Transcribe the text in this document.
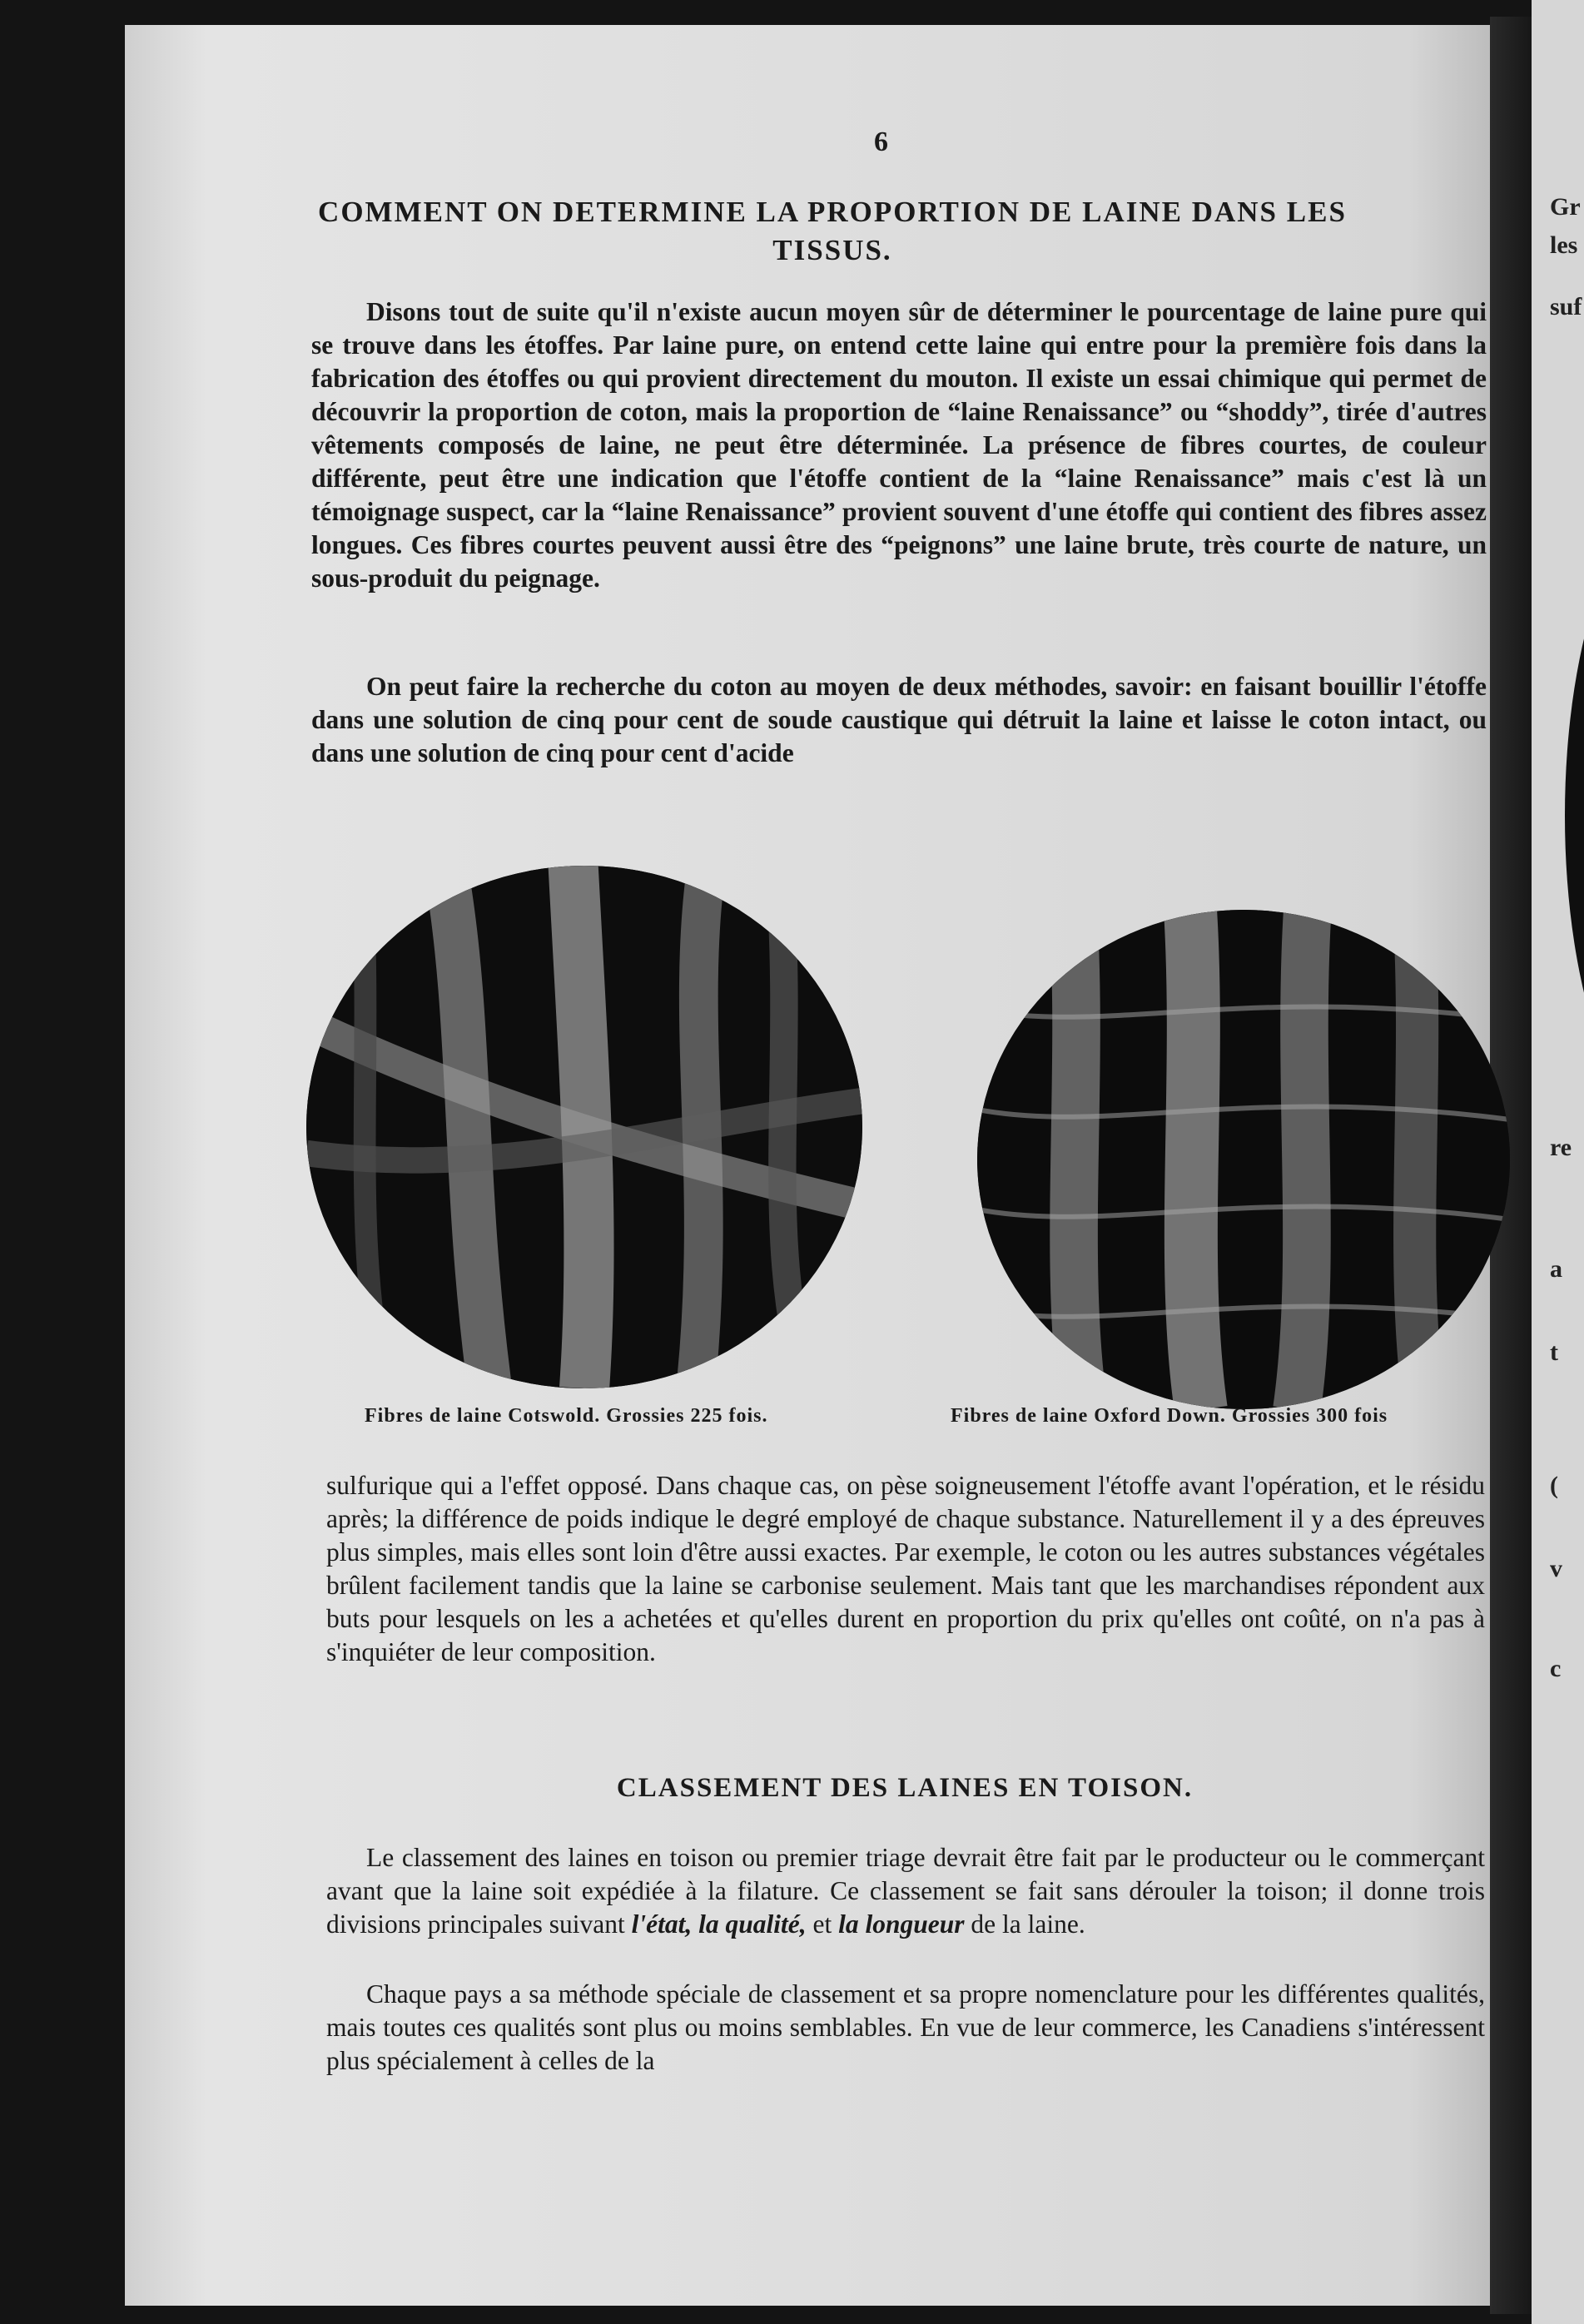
Gr
les
suf
re
a
t
(
v
c
6
COMMENT ON DETERMINE LA PROPORTION DE LAINE DANS LES TISSUS.

Disons tout de suite qu'il n'existe aucun moyen sûr de déterminer le pourcentage de laine pure qui se trouve dans les étoffes. Par laine pure, on entend cette laine qui entre pour la première fois dans la fabrication des étoffes ou qui provient directement du mouton. Il existe un essai chimique qui permet de découvrir la proportion de coton, mais la proportion de “laine Renaissance” ou “shoddy”, tirée d'autres vêtements composés de laine, ne peut être déterminée. La présence de fibres courtes, de couleur différente, peut être une indication que l'étoffe contient de la “laine Renaissance” mais c'est là un témoignage suspect, car la “laine Renaissance” provient souvent d'une étoffe qui contient des fibres assez longues. Ces fibres courtes peuvent aussi être des “peignons” une laine brute, très courte de nature, un sous-produit du peignage.

On peut faire la recherche du coton au moyen de deux méthodes, savoir: en faisant bouillir l'étoffe dans une solution de cinq pour cent de soude caustique qui détruit la laine et laisse le coton intact, ou dans une solution de cinq pour cent d'acide

Fibres de laine Cotswold. Grossies 225 fois.	Fibres de laine Oxford Down. Grossies 300 fois

sulfurique qui a l'effet opposé. Dans chaque cas, on pèse soigneusement l'étoffe avant l'opération, et le résidu après; la différence de poids indique le degré employé de chaque substance. Naturellement il y a des épreuves plus simples, mais elles sont loin d'être aussi exactes. Par exemple, le coton ou les autres substances végétales brûlent facilement tandis que la laine se carbonise seulement. Mais tant que les marchandises répondent aux buts pour lesquels on les a achetées et qu'elles durent en proportion du prix qu'elles ont coûté, on n'a pas à s'inquiéter de leur composition.

CLASSEMENT DES LAINES EN TOISON.

Le classement des laines en toison ou premier triage devrait être fait par le producteur ou le commerçant avant que la laine soit expédiée à la filature. Ce classement se fait sans dérouler la toison; il donne trois divisions principales suivant l'état, la qualité, et la longueur de la laine.

Chaque pays a sa méthode spéciale de classement et sa propre nomenclature pour les différentes qualités, mais toutes ces qualités sont plus ou moins semblables. En vue de leur commerce, les Canadiens s'intéressent plus spécialement à celles de la
